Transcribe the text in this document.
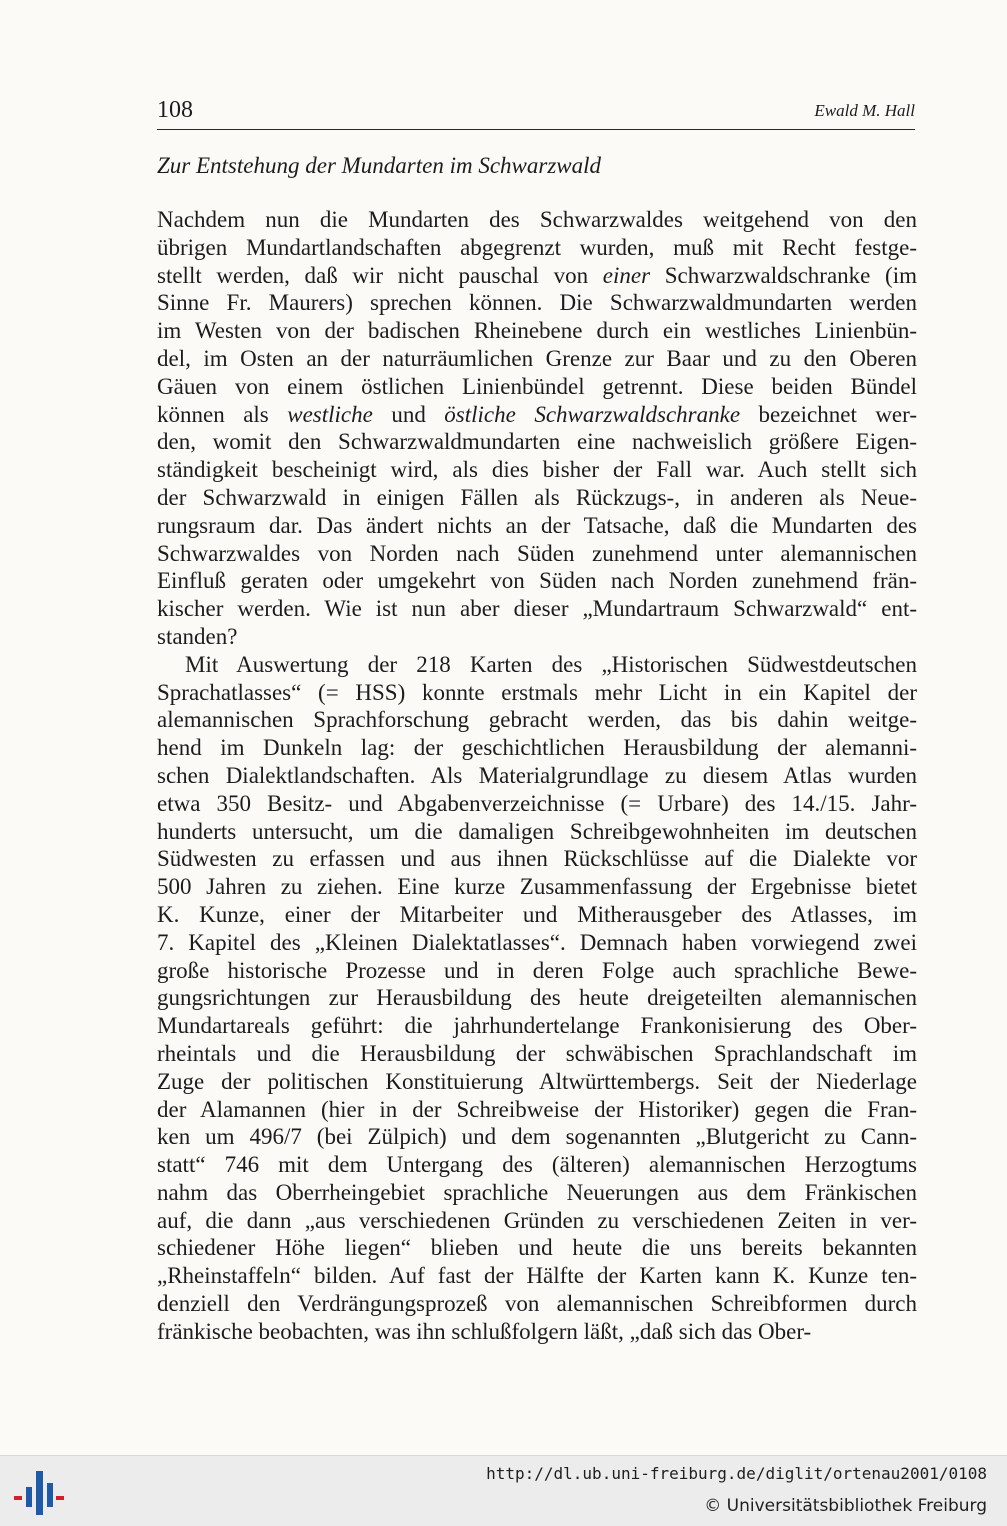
108	Ewald M. Hall
Zur Entstehung der Mundarten im Schwarzwald
Nachdem nun die Mundarten des Schwarzwaldes weitgehend von den
übrigen Mundartlandschaften abgegrenzt wurden, muß mit Recht festge-
stellt werden, daß wir nicht pauschal von einer Schwarzwaldschranke (im
Sinne Fr. Maurers) sprechen können. Die Schwarzwaldmundarten werden
im Westen von der badischen Rheinebene durch ein westliches Linienbün-
del, im Osten an der naturräumlichen Grenze zur Baar und zu den Oberen
Gäuen von einem östlichen Linienbündel getrennt. Diese beiden Bündel
können als westliche und östliche Schwarzwaldschranke bezeichnet wer-
den, womit den Schwarzwaldmundarten eine nachweislich größere Eigen-
ständigkeit bescheinigt wird, als dies bisher der Fall war. Auch stellt sich
der Schwarzwald in einigen Fällen als Rückzugs-, in anderen als Neue-
rungsraum dar. Das ändert nichts an der Tatsache, daß die Mundarten des
Schwarzwaldes von Norden nach Süden zunehmend unter alemannischen
Einfluß geraten oder umgekehrt von Süden nach Norden zunehmend frän-
kischer werden. Wie ist nun aber dieser „Mundartraum Schwarzwald“ ent-
standen?
Mit Auswertung der 218 Karten des „Historischen Südwestdeutschen
Sprachatlasses“ (= HSS) konnte erstmals mehr Licht in ein Kapitel der
alemannischen Sprachforschung gebracht werden, das bis dahin weitge-
hend im Dunkeln lag: der geschichtlichen Herausbildung der alemanni-
schen Dialektlandschaften. Als Materialgrundlage zu diesem Atlas wurden
etwa 350 Besitz- und Abgabenverzeichnisse (= Urbare) des 14./15. Jahr-
hunderts untersucht, um die damaligen Schreibgewohnheiten im deutschen
Südwesten zu erfassen und aus ihnen Rückschlüsse auf die Dialekte vor
500 Jahren zu ziehen. Eine kurze Zusammenfassung der Ergebnisse bietet
K. Kunze, einer der Mitarbeiter und Mitherausgeber des Atlasses, im
7. Kapitel des „Kleinen Dialektatlasses“. Demnach haben vorwiegend zwei
große historische Prozesse und in deren Folge auch sprachliche Bewe-
gungsrichtungen zur Herausbildung des heute dreigeteilten alemannischen
Mundartareals geführt: die jahrhundertelange Frankonisierung des Ober-
rheintals und die Herausbildung der schwäbischen Sprachlandschaft im
Zuge der politischen Konstituierung Altwürttembergs. Seit der Niederlage
der Alamannen (hier in der Schreibweise der Historiker) gegen die Fran-
ken um 496/7 (bei Zülpich) und dem sogenannten „Blutgericht zu Cann-
statt“ 746 mit dem Untergang des (älteren) alemannischen Herzogtums
nahm das Oberrheingebiet sprachliche Neuerungen aus dem Fränkischen
auf, die dann „aus verschiedenen Gründen zu verschiedenen Zeiten in ver-
schiedener Höhe liegen“ blieben und heute die uns bereits bekannten
„Rheinstaffeln“ bilden. Auf fast der Hälfte der Karten kann K. Kunze ten-
denziell den Verdrängungsprozeß von alemannischen Schreibformen durch
fränkische beobachten, was ihn schlußfolgern läßt, „daß sich das Ober-
http://dl.ub.uni-freiburg.de/diglit/ortenau2001/0108
© Universitätsbibliothek Freiburg
